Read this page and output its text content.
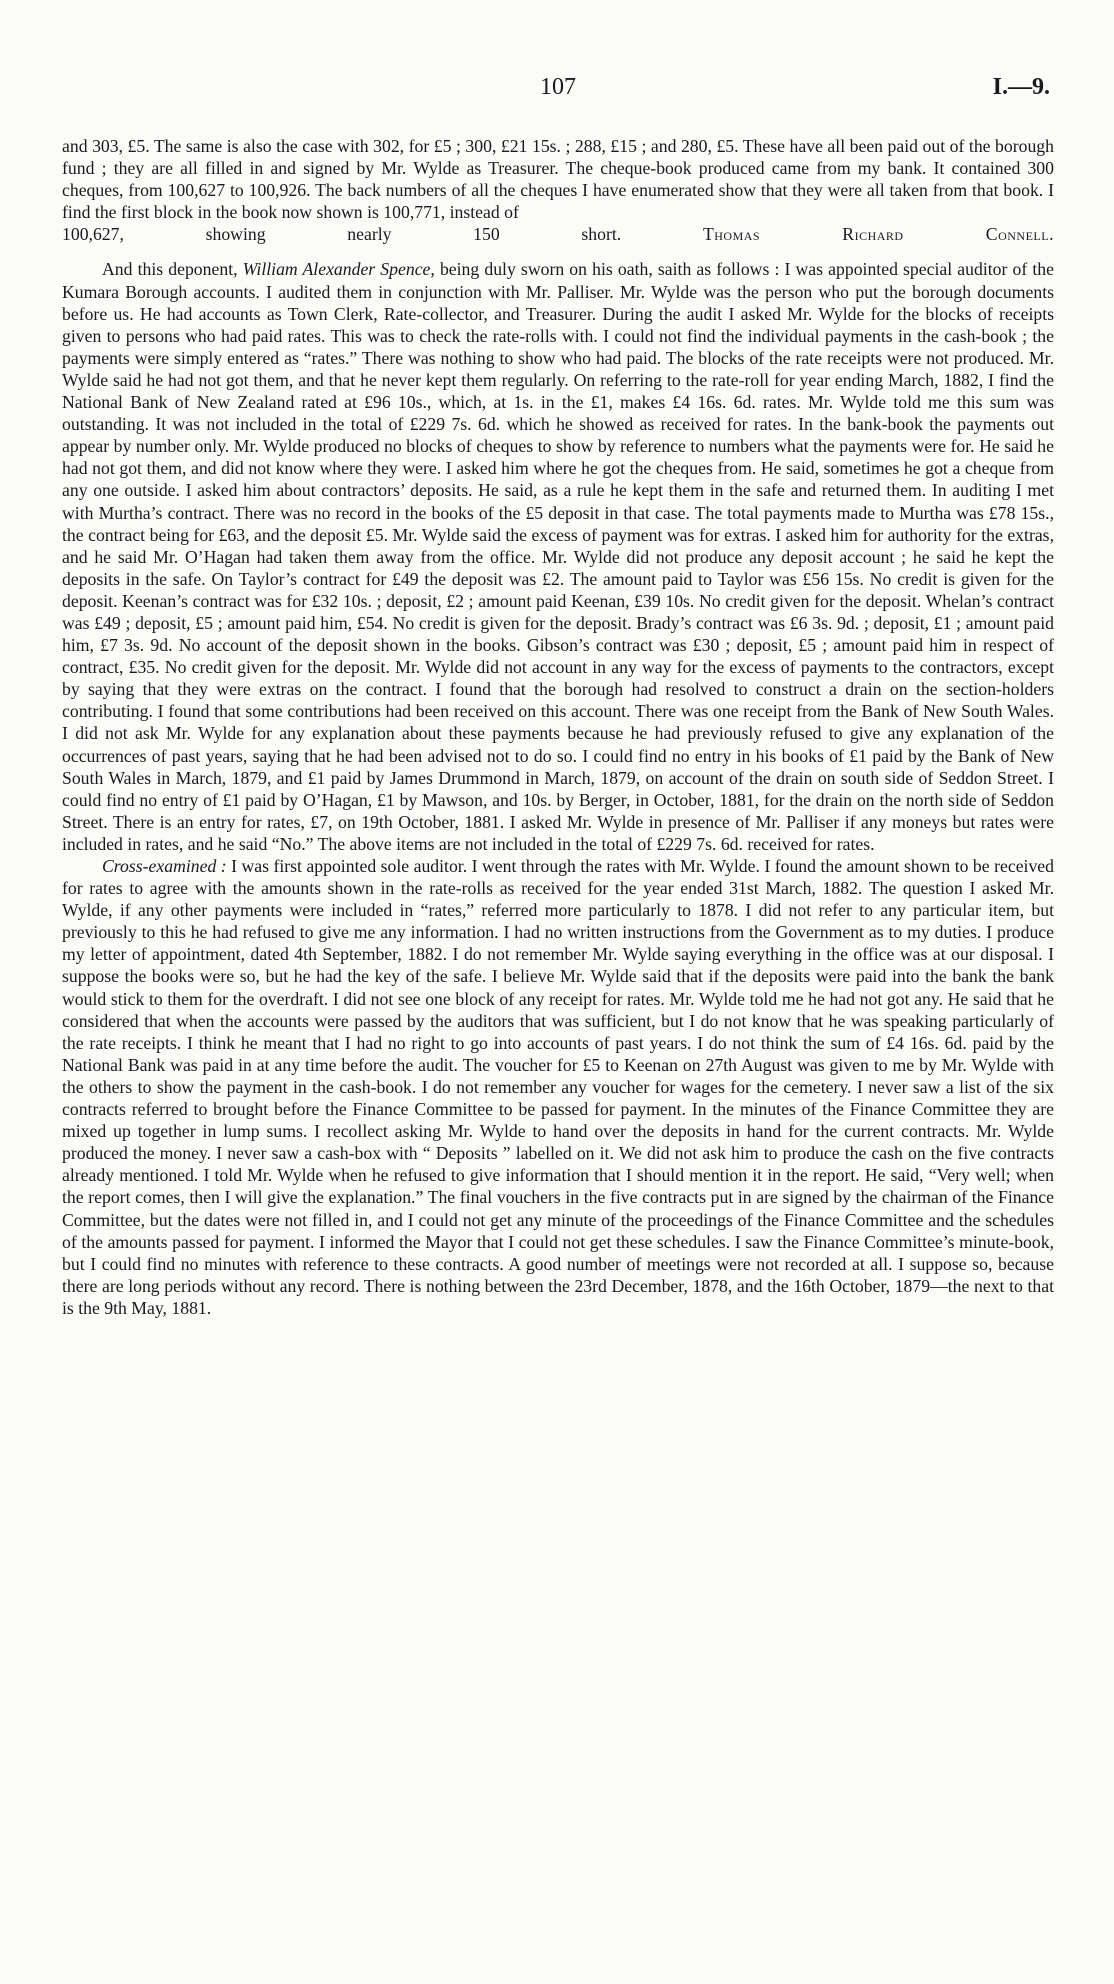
107	I.—9.

and 303, £5. The same is also the case with 302, for £5 ; 300, £21 15s. ; 288, £15 ; and 280, £5. These have all been paid out of the borough fund ; they are all filled in and signed by Mr. Wylde as Treasurer. The cheque-book produced came from my bank. It contained 300 cheques, from 100,627 to 100,926. The back numbers of all the cheques I have enumerated show that they were all taken from that book. I find the first block in the book now shown is 100,771, instead of

100,627, showing nearly 150 short.	Thomas Richard Connell.

And this deponent, William Alexander Spence, being duly sworn on his oath, saith as follows : I was appointed special auditor of the Kumara Borough accounts. I audited them in conjunction with Mr. Palliser. Mr. Wylde was the person who put the borough documents before us. He had accounts as Town Clerk, Rate-collector, and Treasurer. During the audit I asked Mr. Wylde for the blocks of receipts given to persons who had paid rates. This was to check the rate-rolls with. I could not find the individual payments in the cash-book ; the payments were simply entered as “rates.” There was nothing to show who had paid. The blocks of the rate receipts were not produced. Mr. Wylde said he had not got them, and that he never kept them regularly. On referring to the rate-roll for year ending March, 1882, I find the National Bank of New Zealand rated at £96 10s., which, at 1s. in the £1, makes £4 16s. 6d. rates. Mr. Wylde told me this sum was outstanding. It was not included in the total of £229 7s. 6d. which he showed as received for rates. In the bank-book the payments out appear by number only. Mr. Wylde produced no blocks of cheques to show by reference to numbers what the payments were for. He said he had not got them, and did not know where they were. I asked him where he got the cheques from. He said, sometimes he got a cheque from any one outside. I asked him about contractors’ deposits. He said, as a rule he kept them in the safe and returned them. In auditing I met with Murtha’s contract. There was no record in the books of the £5 deposit in that case. The total payments made to Murtha was £78 15s., the contract being for £63, and the deposit £5. Mr. Wylde said the excess of payment was for extras. I asked him for authority for the extras, and he said Mr. O’Hagan had taken them away from the office. Mr. Wylde did not produce any deposit account ; he said he kept the deposits in the safe. On Taylor’s contract for £49 the deposit was £2. The amount paid to Taylor was £56 15s. No credit is given for the deposit. Keenan’s contract was for £32 10s. ; deposit, £2 ; amount paid Keenan, £39 10s. No credit given for the deposit. Whelan’s contract was £49 ; deposit, £5 ; amount paid him, £54. No credit is given for the deposit. Brady’s contract was £6 3s. 9d. ; deposit, £1 ; amount paid him, £7 3s. 9d. No account of the deposit shown in the books. Gibson’s contract was £30 ; deposit, £5 ; amount paid him in respect of contract, £35. No credit given for the deposit. Mr. Wylde did not account in any way for the excess of payments to the contractors, except by saying that they were extras on the contract. I found that the borough had resolved to construct a drain on the section-holders contributing. I found that some contributions had been received on this account. There was one receipt from the Bank of New South Wales. I did not ask Mr. Wylde for any explanation about these payments because he had previously refused to give any explanation of the occurrences of past years, saying that he had been advised not to do so. I could find no entry in his books of £1 paid by the Bank of New South Wales in March, 1879, and £1 paid by James Drummond in March, 1879, on account of the drain on south side of Seddon Street. I could find no entry of £1 paid by O’Hagan, £1 by Mawson, and 10s. by Berger, in October, 1881, for the drain on the north side of Seddon Street. There is an entry for rates, £7, on 19th October, 1881. I asked Mr. Wylde in presence of Mr. Palliser if any moneys but rates were included in rates, and he said “No.” The above items are not included in the total of £229 7s. 6d. received for rates.

Cross-examined : I was first appointed sole auditor. I went through the rates with Mr. Wylde. I found the amount shown to be received for rates to agree with the amounts shown in the rate-rolls as received for the year ended 31st March, 1882. The question I asked Mr. Wylde, if any other payments were included in “rates,” referred more particularly to 1878. I did not refer to any particular item, but previously to this he had refused to give me any information. I had no written instructions from the Government as to my duties. I produce my letter of appointment, dated 4th September, 1882. I do not remember Mr. Wylde saying everything in the office was at our disposal. I suppose the books were so, but he had the key of the safe. I believe Mr. Wylde said that if the deposits were paid into the bank the bank would stick to them for the overdraft. I did not see one block of any receipt for rates. Mr. Wylde told me he had not got any. He said that he considered that when the accounts were passed by the auditors that was sufficient, but I do not know that he was speaking particularly of the rate receipts. I think he meant that I had no right to go into accounts of past years. I do not think the sum of £4 16s. 6d. paid by the National Bank was paid in at any time before the audit. The voucher for £5 to Keenan on 27th August was given to me by Mr. Wylde with the others to show the payment in the cash-book. I do not remember any voucher for wages for the cemetery. I never saw a list of the six contracts referred to brought before the Finance Committee to be passed for payment. In the minutes of the Finance Committee they are mixed up together in lump sums. I recollect asking Mr. Wylde to hand over the deposits in hand for the current contracts. Mr. Wylde produced the money. I never saw a cash-box with “ Deposits ” labelled on it. We did not ask him to produce the cash on the five contracts already mentioned. I told Mr. Wylde when he refused to give information that I should mention it in the report. He said, “Very well; when the report comes, then I will give the explanation.” The final vouchers in the five contracts put in are signed by the chairman of the Finance Committee, but the dates were not filled in, and I could not get any minute of the proceedings of the Finance Committee and the schedules of the amounts passed for payment. I informed the Mayor that I could not get these schedules. I saw the Finance Committee’s minute-book, but I could find no minutes with reference to these contracts. A good number of meetings were not recorded at all. I suppose so, because there are long periods without any record. There is nothing between the 23rd December, 1878, and the 16th October, 1879—the next to that is the 9th May, 1881.
